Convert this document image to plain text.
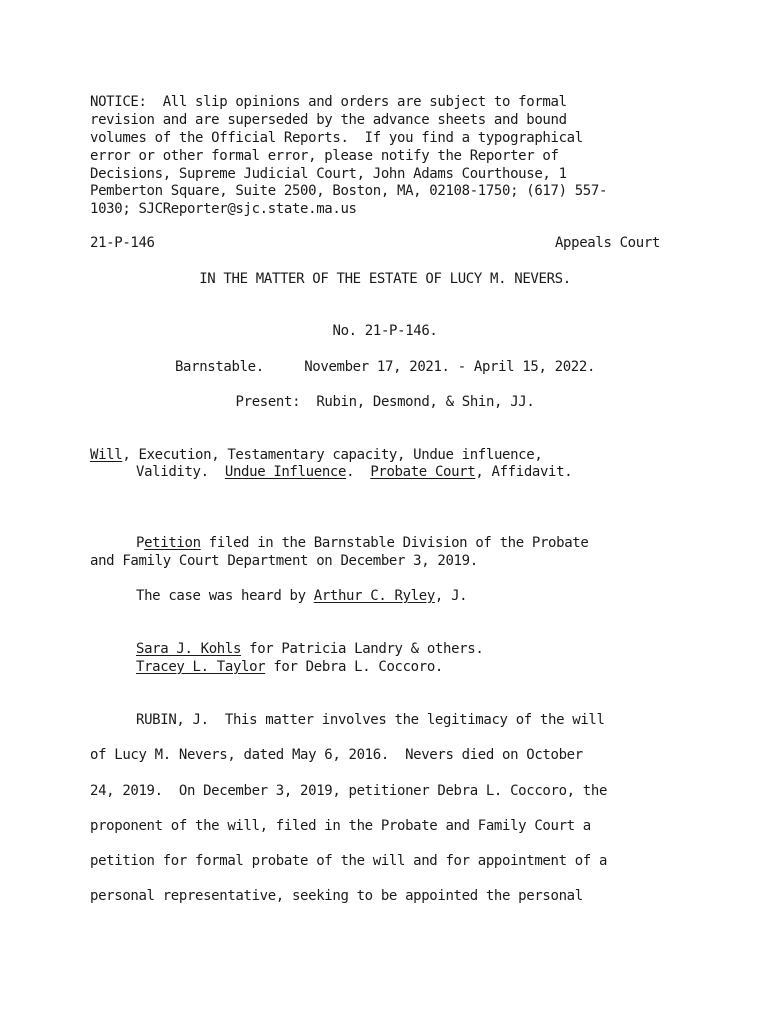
NOTICE:  All slip opinions and orders are subject to formal
revision and are superseded by the advance sheets and bound
volumes of the Official Reports.  If you find a typographical
error or other formal error, please notify the Reporter of
Decisions, Supreme Judicial Court, John Adams Courthouse, 1
Pemberton Square, Suite 2500, Boston, MA, 02108-1750; (617) 557-
1030; SJCReporter@sjc.state.ma.us
21-P-146	Appeals Court
IN THE MATTER OF THE ESTATE OF LUCY M. NEVERS.
No. 21-P-146.
Barnstable.     November 17, 2021. - April 15, 2022.
Present:  Rubin, Desmond, & Shin, JJ.
Will, Execution, Testamentary capacity, Undue influence,
Validity.  Undue Influence.  Probate Court, Affidavit.
Petition filed in the Barnstable Division of the Probate
and Family Court Department on December 3, 2019.
The case was heard by Arthur C. Ryley, J.
Sara J. Kohls for Patricia Landry & others.
Tracey L. Taylor for Debra L. Coccoro.
RUBIN, J.  This matter involves the legitimacy of the will
of Lucy M. Nevers, dated May 6, 2016.  Nevers died on October
24, 2019.  On December 3, 2019, petitioner Debra L. Coccoro, the
proponent of the will, filed in the Probate and Family Court a
petition for formal probate of the will and for appointment of a
personal representative, seeking to be appointed the personal
